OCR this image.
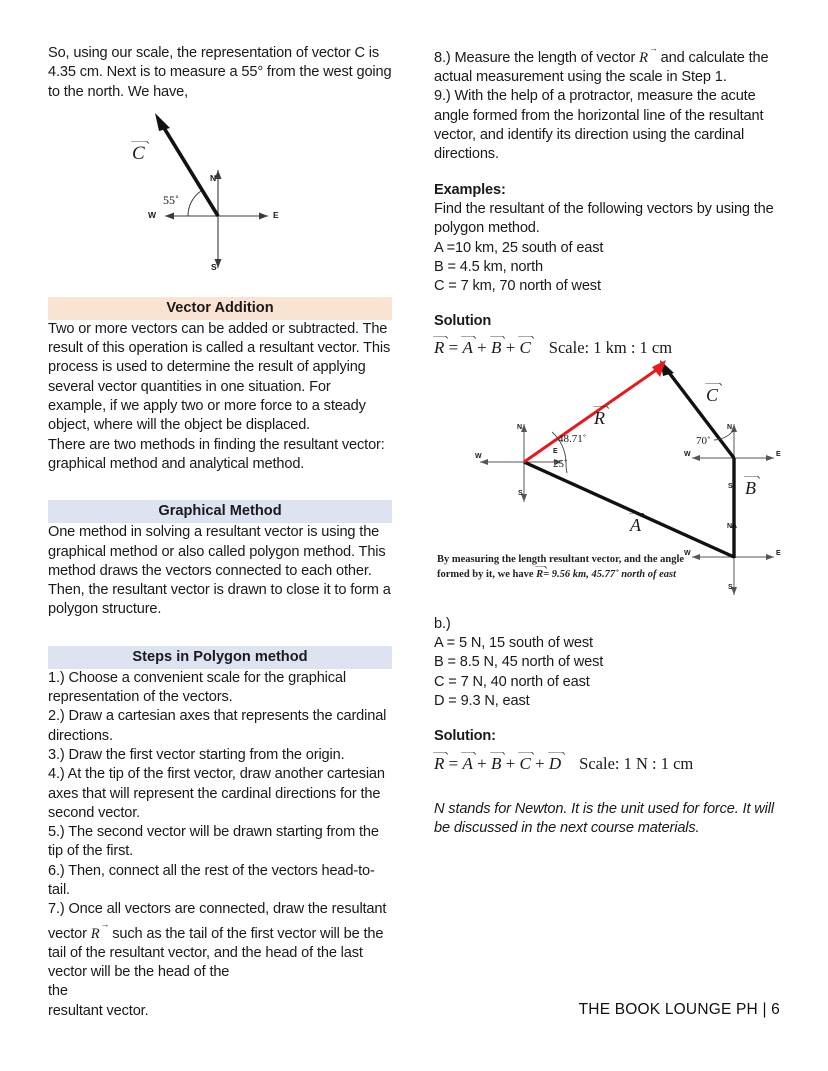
So, using our scale, the representation of vector C is 4.35 cm. Next is to measure a 55° from the west going to the north. We have,

Vector Addition

Two or more vectors can be added or subtracted. The result of this operation is called a resultant vector. This process is used to determine the result of applying several vector quantities in one situation. For example, if we apply two or more force to a steady object, where will the object be displaced.

There are two methods in finding the resultant vector: graphical method and analytical method.

Graphical Method

One method in solving a resultant vector is using the graphical method or also called polygon method. This method draws the vectors connected to each other. Then, the resultant vector is drawn to close it to form a polygon structure.

Steps in Polygon method
1.) Choose a convenient scale for the graphical representation of the vectors.
2.) Draw a cartesian axes that represents the cardinal directions.
3.) Draw the first vector starting from the origin.
4.) At the tip of the first vector, draw another cartesian axes that will represent the cardinal directions for the second vector.
5.) The second vector will be drawn starting from the tip of the first.
6.) Then, connect all the rest of the vectors head-to-tail.
7.) Once all vectors are connected, draw the resultant vector R→ such as the tail of the first vector will be the tail of the resultant vector, and the head of the last vector will be the head of the
the
resultant vector.
C
55˚
N
S
E
W

8.) Measure the length of vector R→ and calculate the actual measurement using the scale in Step 1.

9.) With the help of a protractor, measure the acute angle formed from the horizontal line of the resultant vector, and identify its direction using the cardinal directions.

Examples:
Find the resultant of the following vectors by using the polygon method.
A =10 km, 25 south of east
B = 4.5 km, north
C = 7 km, 70 north of west
Solution
R = A + B + C Scale: 1 km : 1 cm
b.)
A = 5 N, 15 south of west
B = 8.5 N, 45 north of west
C = 7 N, 40 north of east
D = 9.3 N, east
Solution:
R = A + B + C + D Scale: 1 N : 1 cm

N stands for Newton. It is the unit used for force. It will be discussed in the next course materials.

R
A
B
C
48.71˚
25˚
70˚
N
S
E
W
N
S
E
W
N
S
E
W
By measuring the length resultant vector, and the angle
formed by it, we have R= 9.56 km, 45.77˚ north of east
THE BOOK LOUNGE PH | 6
